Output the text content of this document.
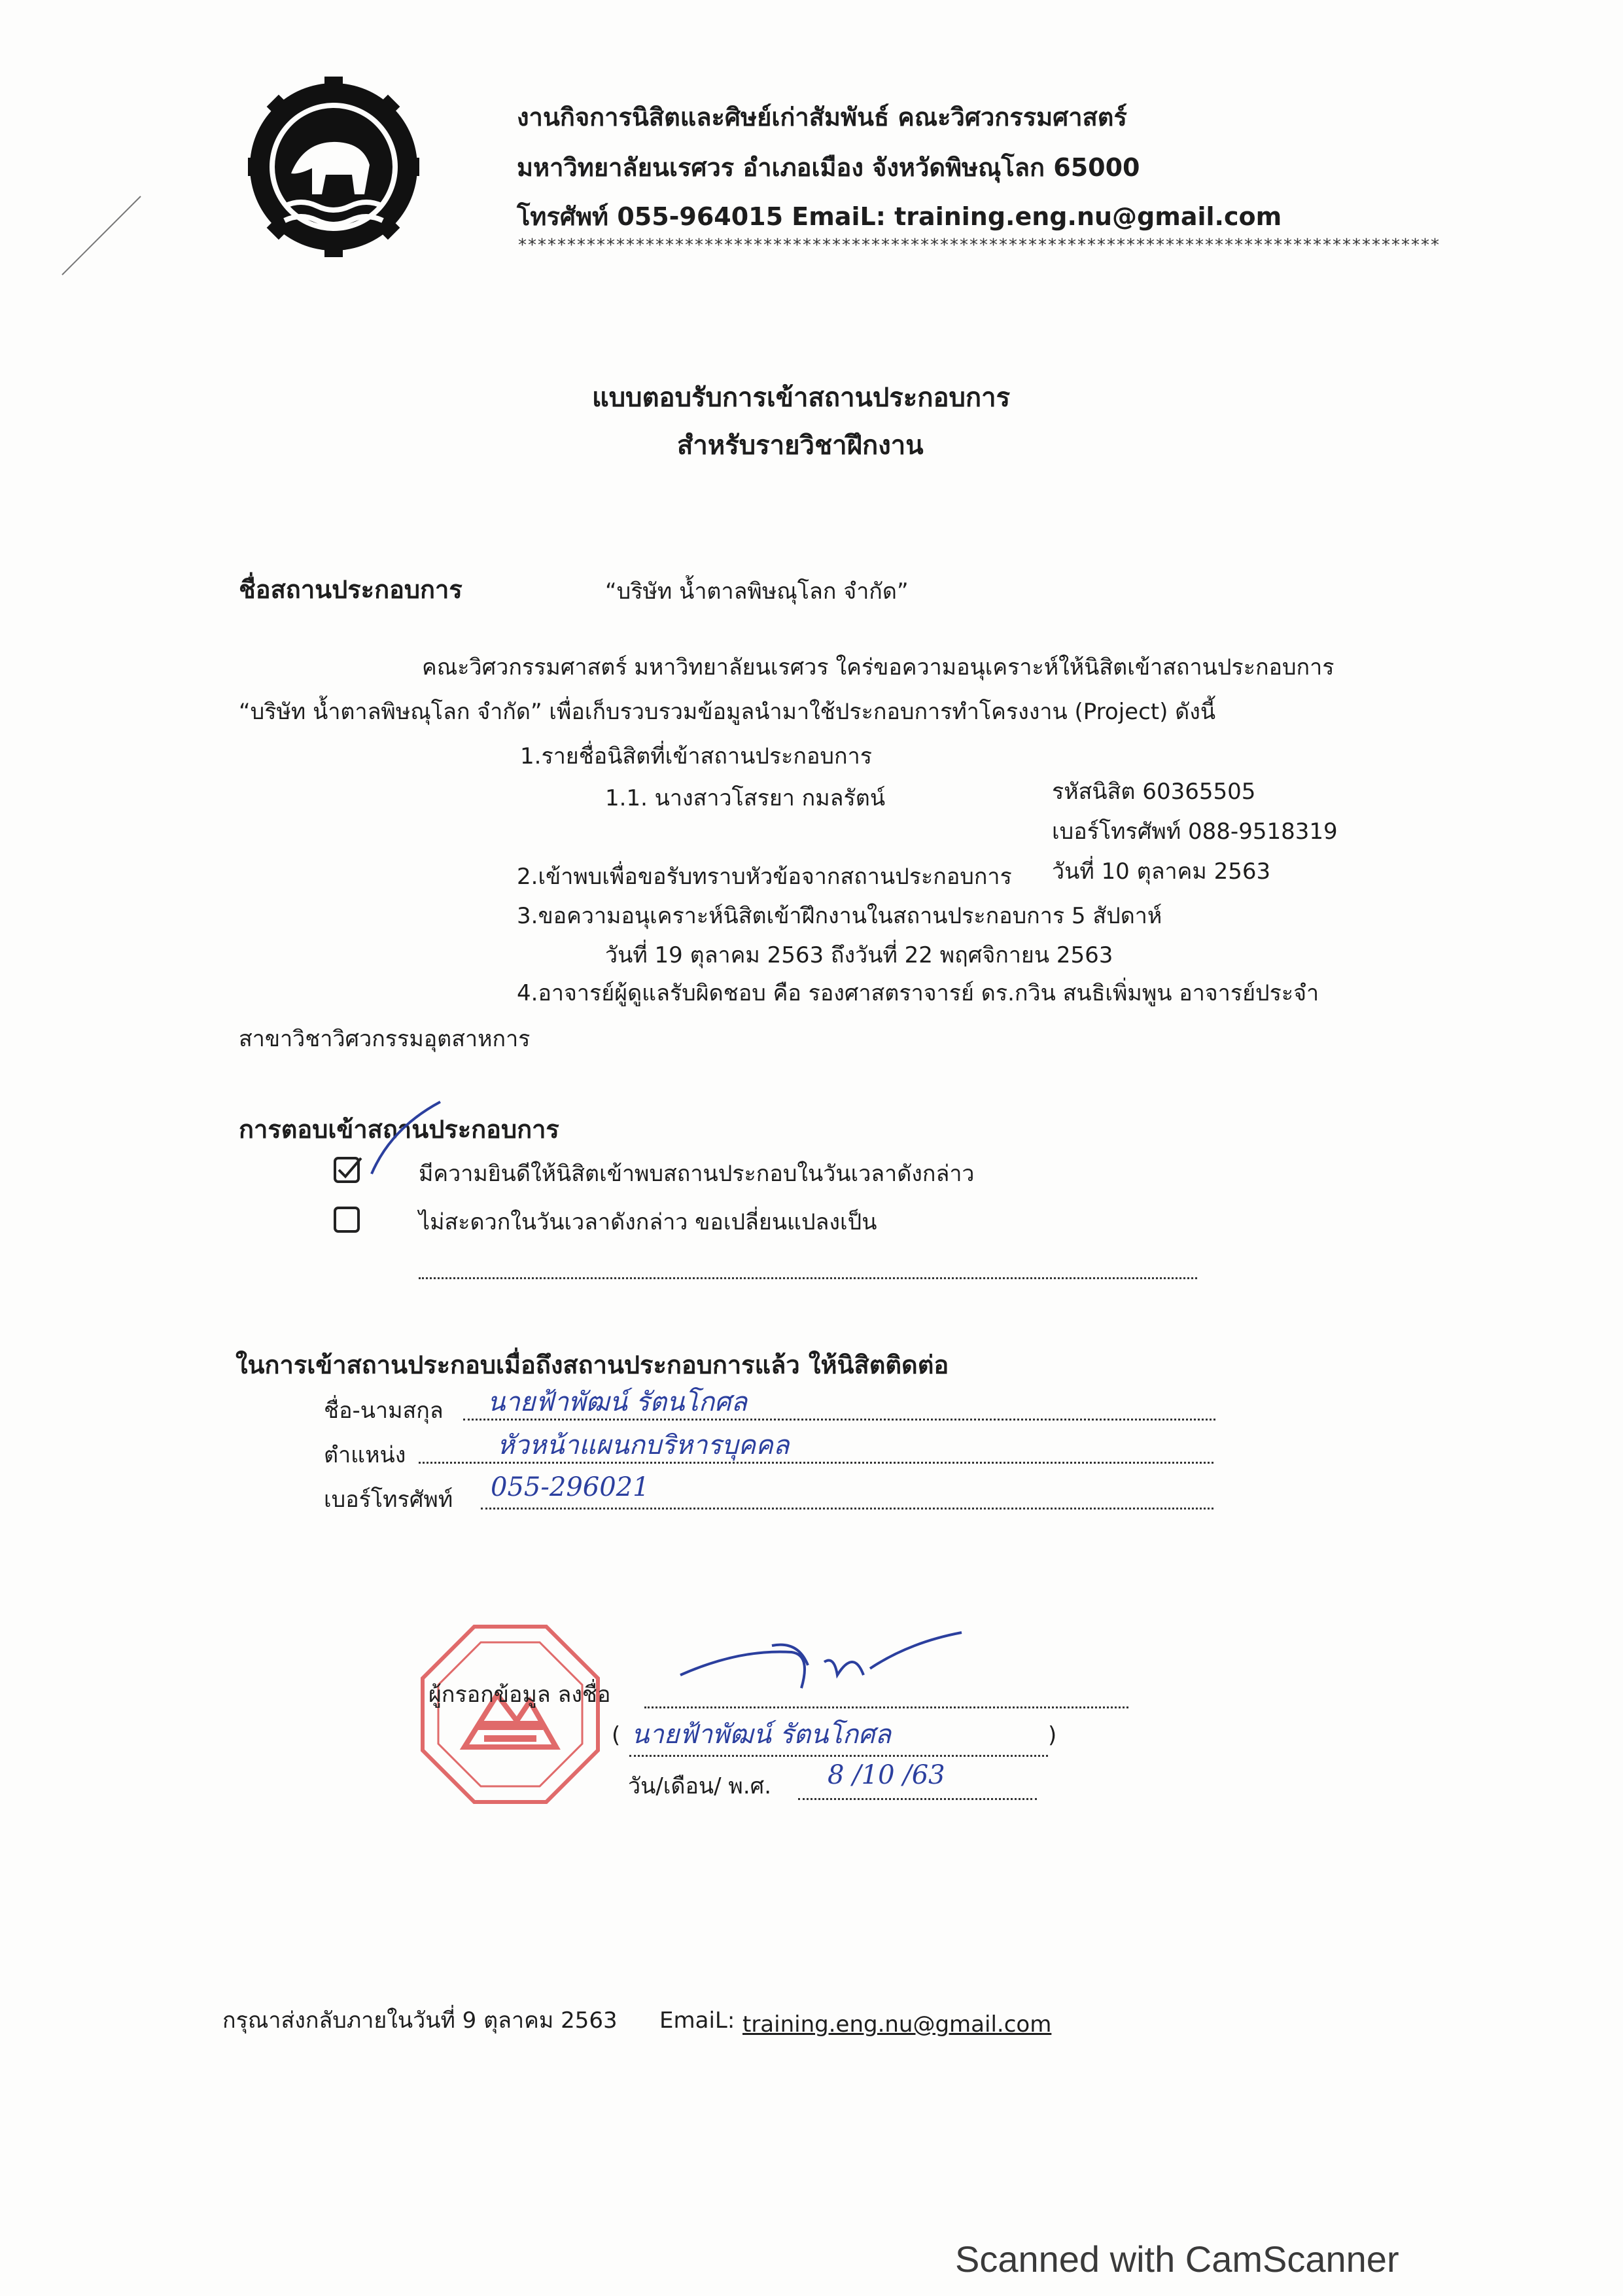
งานกิจการนิสิตและศิษย์เก่าสัมพันธ์ คณะวิศวกรรมศาสตร์
มหาวิทยาลัยนเรศวร อำเภอเมือง จังหวัดพิษณุโลก 65000
โทรศัพท์ 055-964015 EmaiL: training.eng.nu@gmail.com
**********************************************************************************************
แบบตอบรับการเข้าสถานประกอบการ
สำหรับรายวิชาฝึกงาน
ชื่อสถานประกอบการ	“บริษัท น้ำตาลพิษณุโลก จำกัด”
คณะวิศวกรรมศาสตร์ มหาวิทยาลัยนเรศวร ใคร่ขอความอนุเคราะห์ให้นิสิตเข้าสถานประกอบการ
“บริษัท น้ำตาลพิษณุโลก จำกัด” เพื่อเก็บรวบรวมข้อมูลนำมาใช้ประกอบการทำโครงงาน (Project) ดังนี้
1.รายชื่อนิสิตที่เข้าสถานประกอบการ
1.1. นางสาวโสรยา กมลรัตน์	รหัสนิสิต 60365505
เบอร์โทรศัพท์ 088-9518319
2.เข้าพบเพื่อขอรับทราบหัวข้อจากสถานประกอบการ วันที่ 10 ตุลาคม 2563
3.ขอความอนุเคราะห์นิสิตเข้าฝึกงานในสถานประกอบการ 5 สัปดาห์
วันที่ 19 ตุลาคม 2563 ถึงวันที่ 22 พฤศจิกายน 2563
4.อาจารย์ผู้ดูแลรับผิดชอบ คือ รองศาสตราจารย์ ดร.กวิน สนธิเพิ่มพูน อาจารย์ประจำ
สาขาวิชาวิศวกรรมอุตสาหการ
การตอบเข้าสถานประกอบการ
มีความยินดีให้นิสิตเข้าพบสถานประกอบในวันเวลาดังกล่าว
ไม่สะดวกในวันเวลาดังกล่าว ขอเปลี่ยนแปลงเป็น
ในการเข้าสถานประกอบเมื่อถึงสถานประกอบการแล้ว ให้นิสิตติดต่อ
ชื่อ-นามสกุล นายฟ้าพัฒน์ รัตนโกศล
ตำแหน่ง	หัวหน้าแผนกบริหารบุคคล
เบอร์โทรศัพท์ 055-296021
ผู้กรอกข้อมูล ลงชื่อ
(	)
นายฟ้าพัฒน์ รัตนโกศล
วัน/เดือน/ พ.ศ. 8 /10 /63
กรุณาส่งกลับภายในวันที่ 9 ตุลาคม 2563 EmaiL: training.eng.nu@gmail.com
Scanned with CamScanner
